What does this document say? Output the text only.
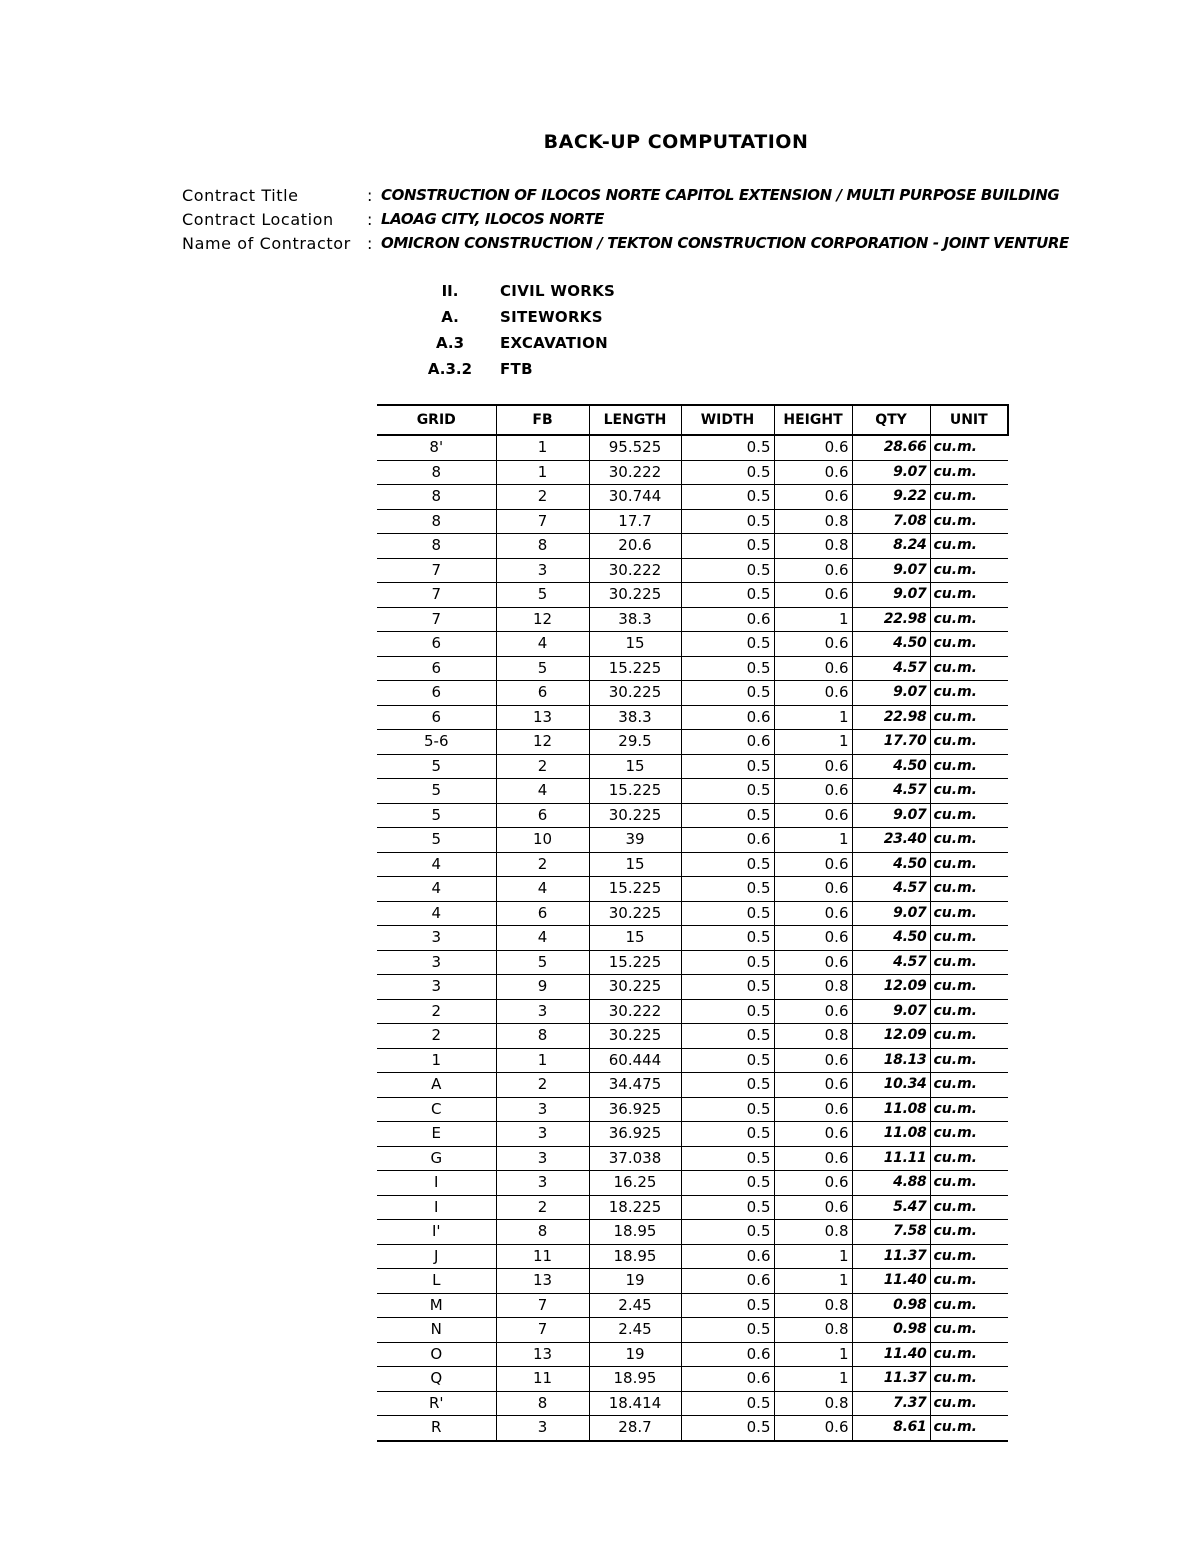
BACK-UP COMPUTATION
Contract Title	: CONSTRUCTION OF ILOCOS NORTE CAPITOL EXTENSION / MULTI PURPOSE BUILDING
Contract Location	: LAOAG CITY, ILOCOS NORTE
Name of Contractor	: OMICRON CONSTRUCTION / TEKTON CONSTRUCTION CORPORATION - JOINT VENTURE
II.	CIVIL WORKS
A.	SITEWORKS
A.3	EXCAVATION
A.3.2	FTB
GRID	FB	LENGTH	WIDTH	HEIGHT	QTY	UNIT
8'	1	95.525	0.5	0.6	28.66	cu.m.
8	1	30.222	0.5	0.6	9.07	cu.m.
8	2	30.744	0.5	0.6	9.22	cu.m.
8	7	17.7	0.5	0.8	7.08	cu.m.
8	8	20.6	0.5	0.8	8.24	cu.m.
7	3	30.222	0.5	0.6	9.07	cu.m.
7	5	30.225	0.5	0.6	9.07	cu.m.
7	12	38.3	0.6	1	22.98	cu.m.
6	4	15	0.5	0.6	4.50	cu.m.
6	5	15.225	0.5	0.6	4.57	cu.m.
6	6	30.225	0.5	0.6	9.07	cu.m.
6	13	38.3	0.6	1	22.98	cu.m.
5-6	12	29.5	0.6	1	17.70	cu.m.
5	2	15	0.5	0.6	4.50	cu.m.
5	4	15.225	0.5	0.6	4.57	cu.m.
5	6	30.225	0.5	0.6	9.07	cu.m.
5	10	39	0.6	1	23.40	cu.m.
4	2	15	0.5	0.6	4.50	cu.m.
4	4	15.225	0.5	0.6	4.57	cu.m.
4	6	30.225	0.5	0.6	9.07	cu.m.
3	4	15	0.5	0.6	4.50	cu.m.
3	5	15.225	0.5	0.6	4.57	cu.m.
3	9	30.225	0.5	0.8	12.09	cu.m.
2	3	30.222	0.5	0.6	9.07	cu.m.
2	8	30.225	0.5	0.8	12.09	cu.m.
1	1	60.444	0.5	0.6	18.13	cu.m.
A	2	34.475	0.5	0.6	10.34	cu.m.
C	3	36.925	0.5	0.6	11.08	cu.m.
E	3	36.925	0.5	0.6	11.08	cu.m.
G	3	37.038	0.5	0.6	11.11	cu.m.
I	3	16.25	0.5	0.6	4.88	cu.m.
I	2	18.225	0.5	0.6	5.47	cu.m.
I'	8	18.95	0.5	0.8	7.58	cu.m.
J	11	18.95	0.6	1	11.37	cu.m.
L	13	19	0.6	1	11.40	cu.m.
M	7	2.45	0.5	0.8	0.98	cu.m.
N	7	2.45	0.5	0.8	0.98	cu.m.
O	13	19	0.6	1	11.40	cu.m.
Q	11	18.95	0.6	1	11.37	cu.m.
R'	8	18.414	0.5	0.8	7.37	cu.m.
R	3	28.7	0.5	0.6	8.61	cu.m.
